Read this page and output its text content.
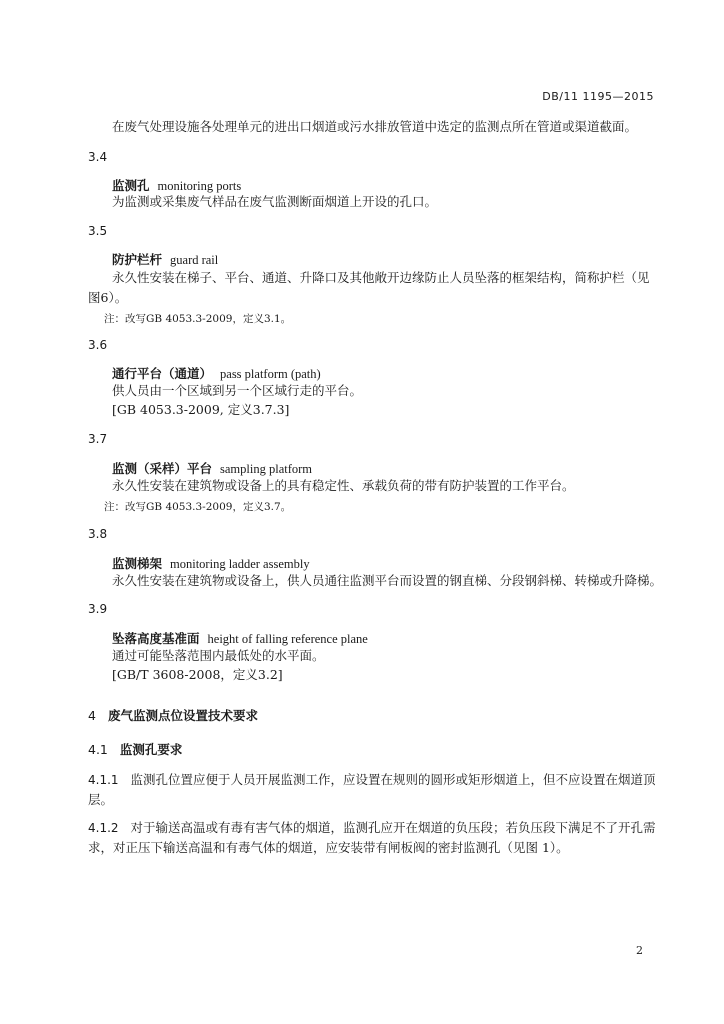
DB/11 1195—2015
在废气处理设施各处理单元的进出口烟道或污水排放管道中选定的监测点所在管道或渠道截面。
3.4
监测孔 monitoring ports
为监测或采集废气样品在废气监测断面烟道上开设的孔口。
3.5
防护栏杆 guard rail
永久性安装在梯子、平台、通道、升降口及其他敞开边缘防止人员坠落的框架结构，简称护栏（见图6）。
注：改写GB 4053.3-2009，定义3.1。
3.6
通行平台（通道） pass platform (path)
供人员由一个区域到另一个区域行走的平台。
[GB 4053.3-2009, 定义3.7.3]
3.7
监测（采样）平台 sampling platform
永久性安装在建筑物或设备上的具有稳定性、承载负荷的带有防护装置的工作平台。
注：改写GB 4053.3-2009，定义3.7。
3.8
监测梯架 monitoring ladder assembly
永久性安装在建筑物或设备上，供人员通往监测平台而设置的钢直梯、分段钢斜梯、转梯或升降梯。
3.9
坠落高度基准面 height of falling reference plane
通过可能坠落范围内最低处的水平面。
[GB/T 3608-2008，定义3.2]
4 废气监测点位设置技术要求
4.1 监测孔要求
4.1.1 监测孔位置应便于人员开展监测工作，应设置在规则的圆形或矩形烟道上，但不应设置在烟道顶层。
4.1.2 对于输送高温或有毒有害气体的烟道，监测孔应开在烟道的负压段；若负压段下满足不了开孔需求，对正压下输送高温和有毒气体的烟道，应安装带有闸板阀的密封监测孔（见图 1）。
2
